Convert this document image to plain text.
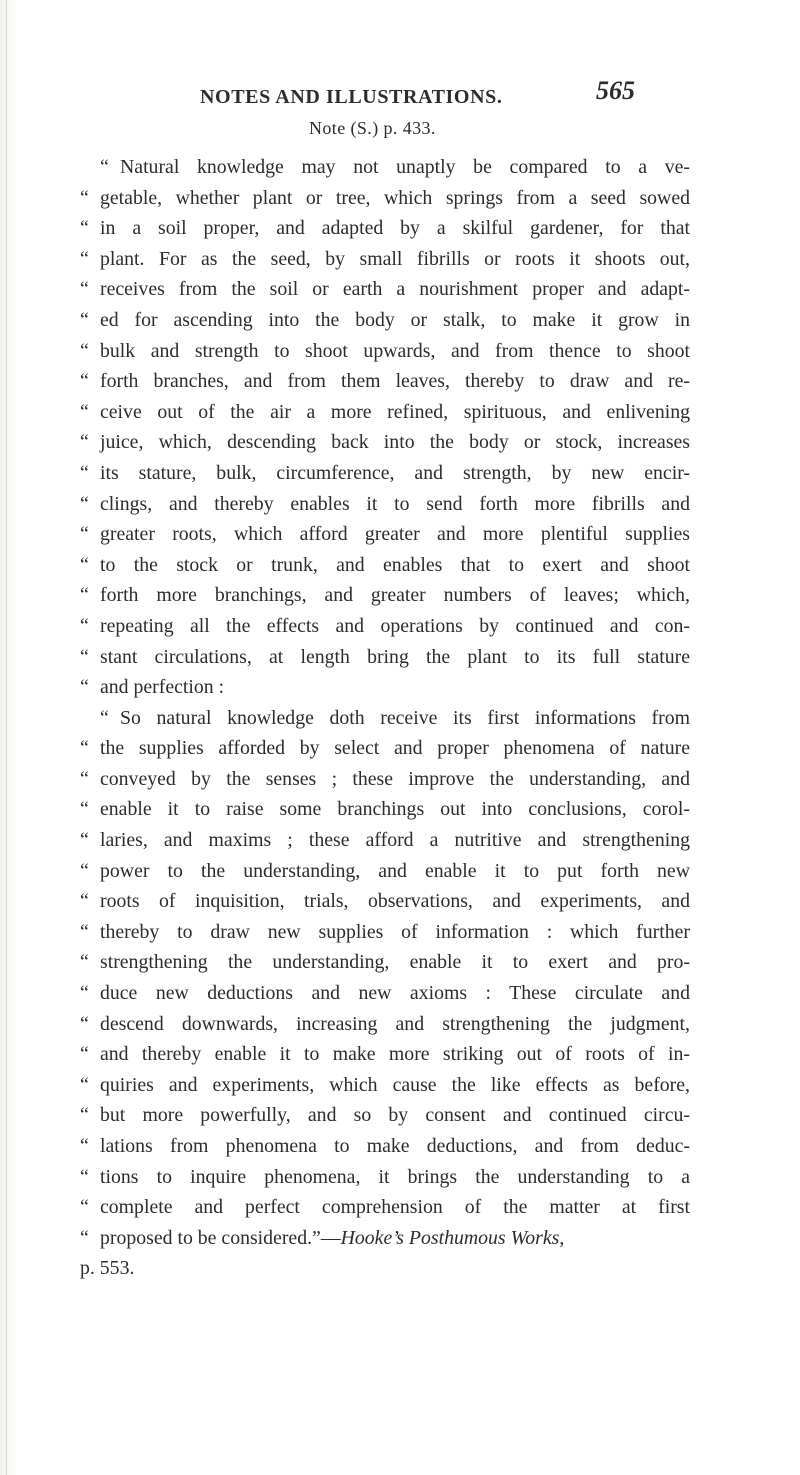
NOTES AND ILLUSTRATIONS.	565
Note (S.) p. 433.
“ Natural knowledge may not unaptly be compared to a ve-
“ getable, whether plant or tree, which springs from a seed sowed
“ in a soil proper, and adapted by a skilful gardener, for that
“ plant. For as the seed, by small fibrills or roots it shoots out,
“ receives from the soil or earth a nourishment proper and adapt-
“ ed for ascending into the body or stalk, to make it grow in
“ bulk and strength to shoot upwards, and from thence to shoot
“ forth branches, and from them leaves, thereby to draw and re-
“ ceive out of the air a more refined, spirituous, and enlivening
“ juice, which, descending back into the body or stock, increases
“ its stature, bulk, circumference, and strength, by new encir-
“ clings, and thereby enables it to send forth more fibrills and
“ greater roots, which afford greater and more plentiful supplies
“ to the stock or trunk, and enables that to exert and shoot
“ forth more branchings, and greater numbers of leaves; which,
“ repeating all the effects and operations by continued and con-
“ stant circulations, at length bring the plant to its full stature
“ and perfection :
“ So natural knowledge doth receive its first informations from
“ the supplies afforded by select and proper phenomena of nature
“ conveyed by the senses ; these improve the understanding, and
“ enable it to raise some branchings out into conclusions, corol-
“ laries, and maxims ; these afford a nutritive and strengthening
“ power to the understanding, and enable it to put forth new
“ roots of inquisition, trials, observations, and experiments, and
“ thereby to draw new supplies of information : which further
“ strengthening the understanding, enable it to exert and pro-
“ duce new deductions and new axioms : These circulate and
“ descend downwards, increasing and strengthening the judgment,
“ and thereby enable it to make more striking out of roots of in-
“ quiries and experiments, which cause the like effects as before,
“ but more powerfully, and so by consent and continued circu-
“ lations from phenomena to make deductions, and from deduc-
“ tions to inquire phenomena, it brings the understanding to a
“ complete and perfect comprehension of the matter at first
“ proposed to be considered.”—Hooke’s Posthumous Works,
p. 553.
